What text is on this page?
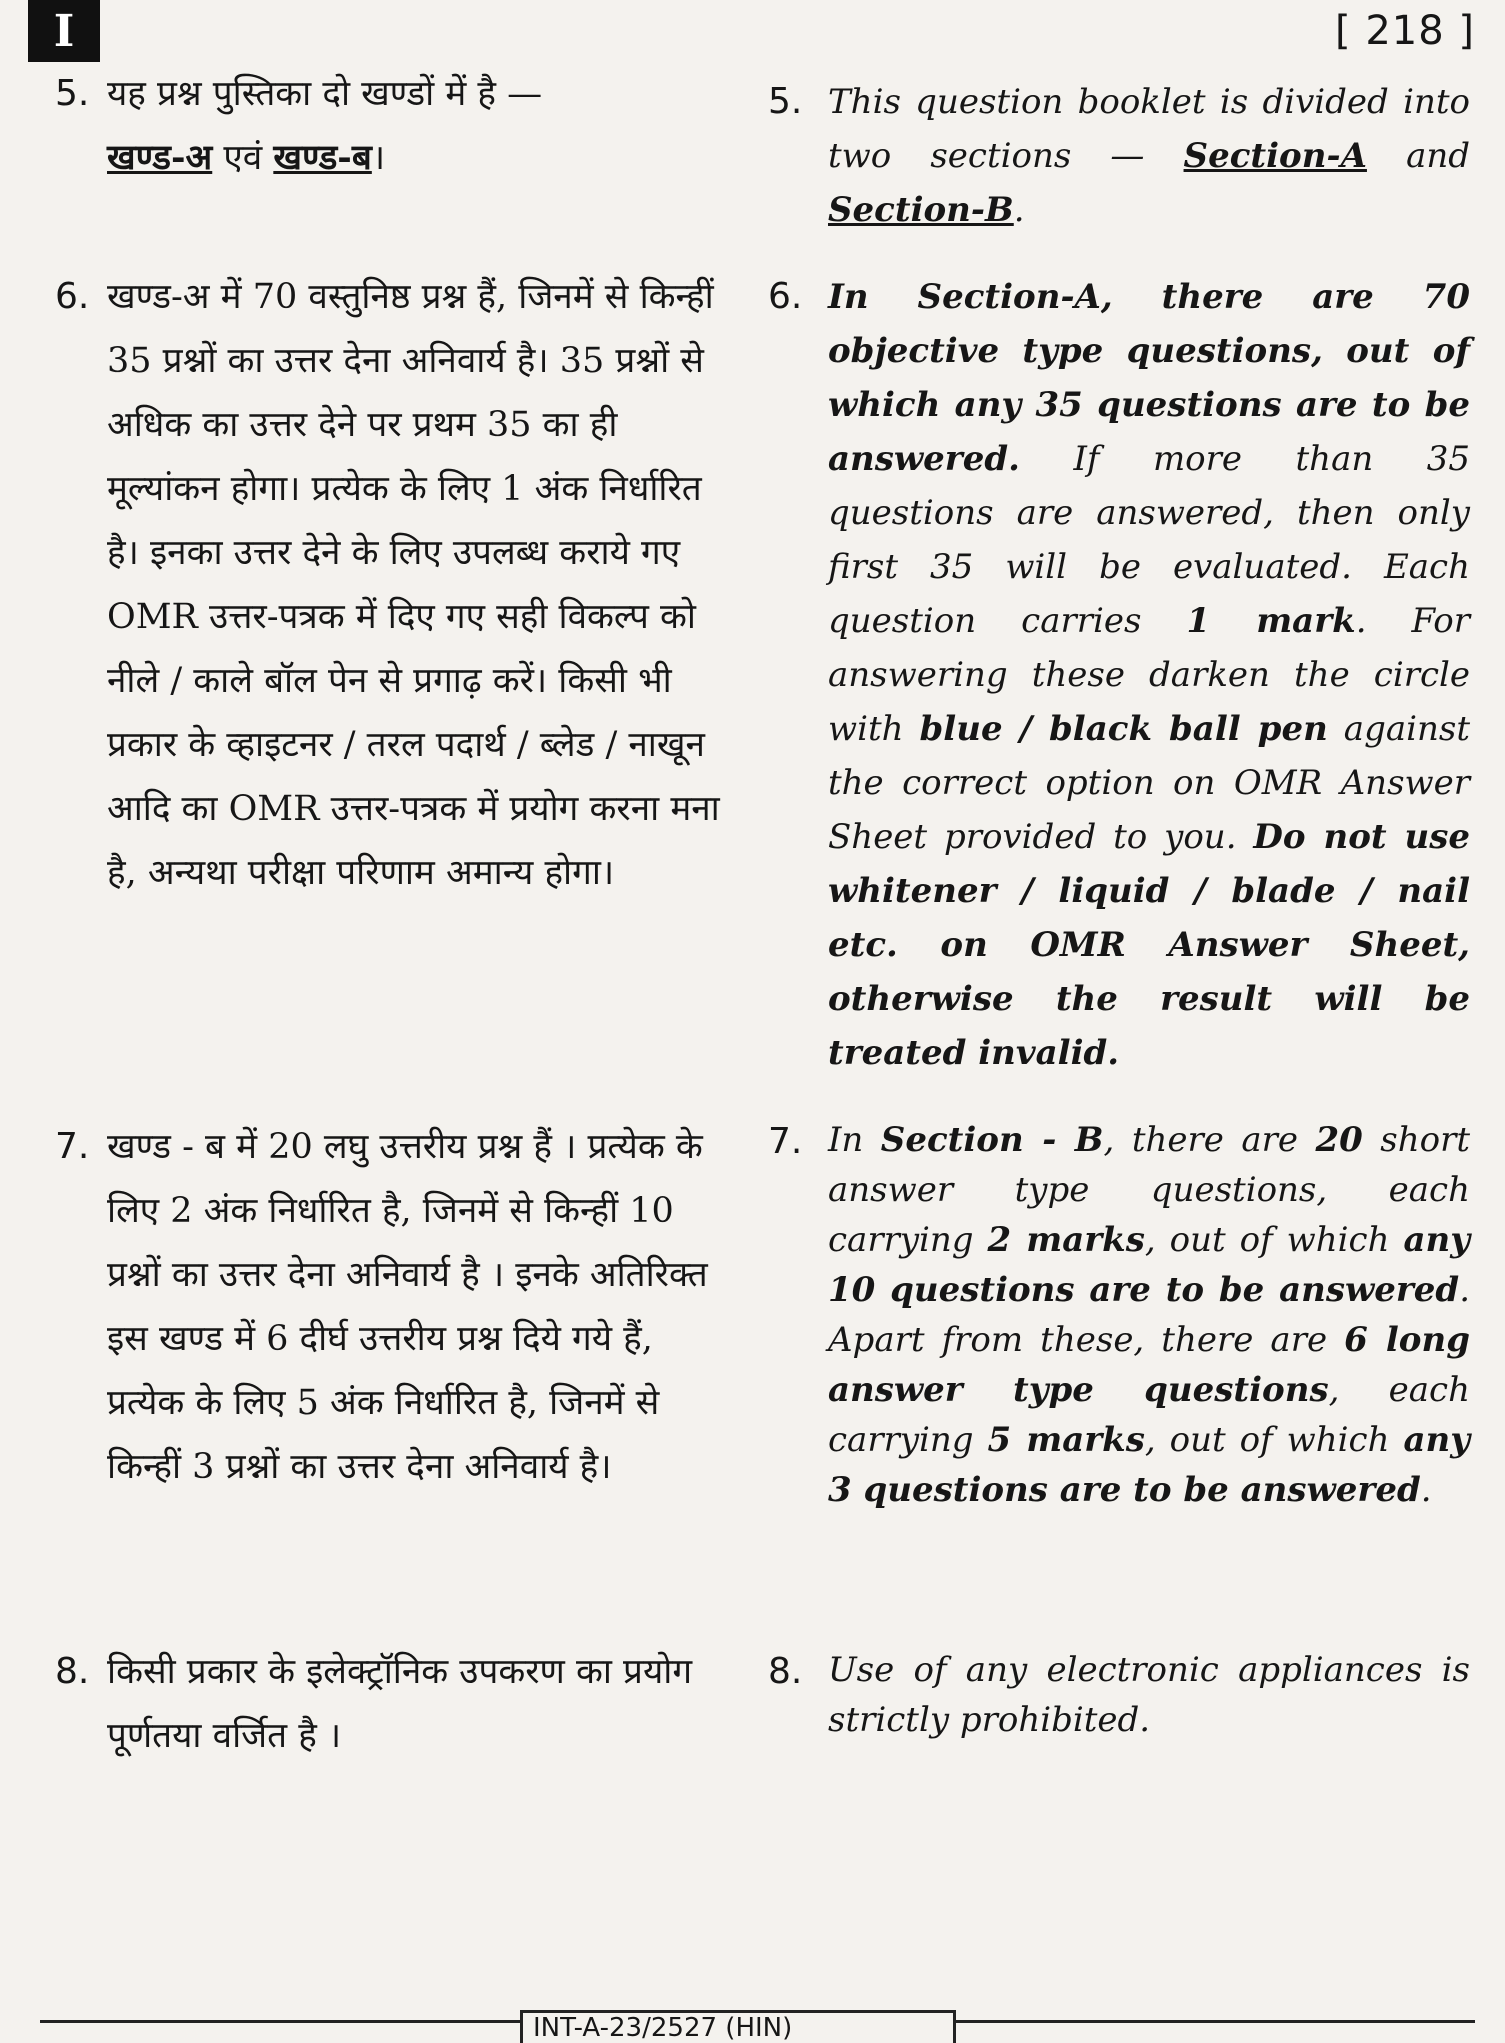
I	[ 218 ]
5. यह प्रश्न पुस्तिका दो खण्डों में है —
खण्ड-अ एवं खण्ड-ब।
6. खण्ड-अ में 70 वस्तुनिष्ठ प्रश्न हैं, जिनमें से किन्हीं 35 प्रश्नों का उत्तर देना अनिवार्य है। 35 प्रश्नों से अधिक का उत्तर देने पर प्रथम 35 का ही मूल्यांकन होगा। प्रत्येक के लिए 1 अंक निर्धारित है। इनका उत्तर देने के लिए उपलब्ध कराये गए OMR उत्तर-पत्रक में दिए गए सही विकल्प को नीले / काले बॉल पेन से प्रगाढ़ करें। किसी भी प्रकार के व्हाइटनर / तरल पदार्थ / ब्लेड / नाखून आदि का OMR उत्तर-पत्रक में प्रयोग करना मना है, अन्यथा परीक्षा परिणाम अमान्य होगा।
7. खण्ड - ब में 20 लघु उत्तरीय प्रश्न हैं । प्रत्येक के लिए 2 अंक निर्धारित है, जिनमें से किन्हीं 10 प्रश्नों का उत्तर देना अनिवार्य है । इनके अतिरिक्त इस खण्ड में 6 दीर्घ उत्तरीय प्रश्न दिये गये हैं, प्रत्येक के लिए 5 अंक निर्धारित है, जिनमें से किन्हीं 3 प्रश्नों का उत्तर देना अनिवार्य है।
8. किसी प्रकार के इलेक्ट्रॉनिक उपकरण का प्रयोग पूर्णतया वर्जित है ।
5. This question booklet is divided into two sections — Section-A and Section-B.
6. In Section-A, there are 70 objective type questions, out of which any 35 questions are to be answered. If more than 35 questions are answered, then only first 35 will be evaluated. Each question carries 1 mark. For answering these darken the circle with blue / black ball pen against the correct option on OMR Answer Sheet provided to you. Do not use whitener / liquid / blade / nail etc. on OMR Answer Sheet, otherwise the result will be treated invalid.
7. In Section - B, there are 20 short answer type questions, each carrying 2 marks, out of which any 10 questions are to be answered. Apart from these, there are 6 long answer type questions, each carrying 5 marks, out of which any 3 questions are to be answered.
8. Use of any electronic appliances is strictly prohibited.
INT-A-23/2527 (HIN)
